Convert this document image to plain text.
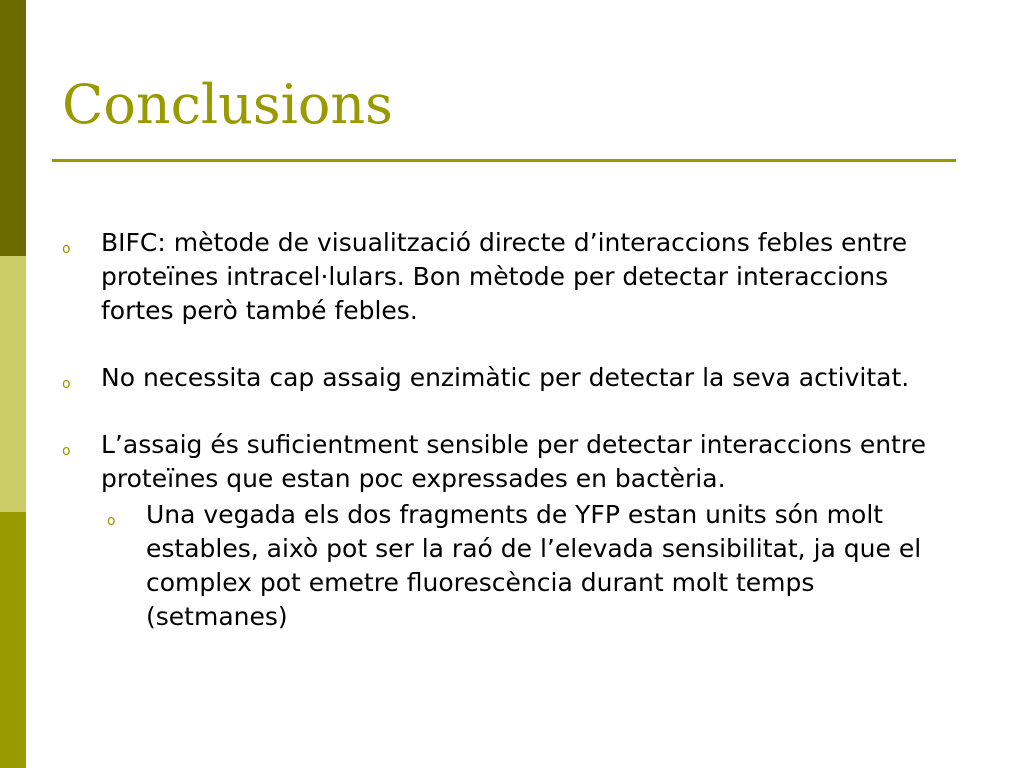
Conclusions
o BIFC: mètode de visualització directe d’interaccions febles entre proteïnes intracel·lulars. Bon mètode per detectar interaccions fortes però també febles.
o No necessita cap assaig enzimàtic per detectar la seva activitat.
o L’assaig és suficientment sensible per detectar interaccions entre proteïnes que estan poc expressades en bactèria.
o Una vegada els dos fragments de YFP estan units són molt estables, això pot ser la raó de l’elevada sensibilitat, ja que el complex pot emetre fluorescència durant molt temps (setmanes)
